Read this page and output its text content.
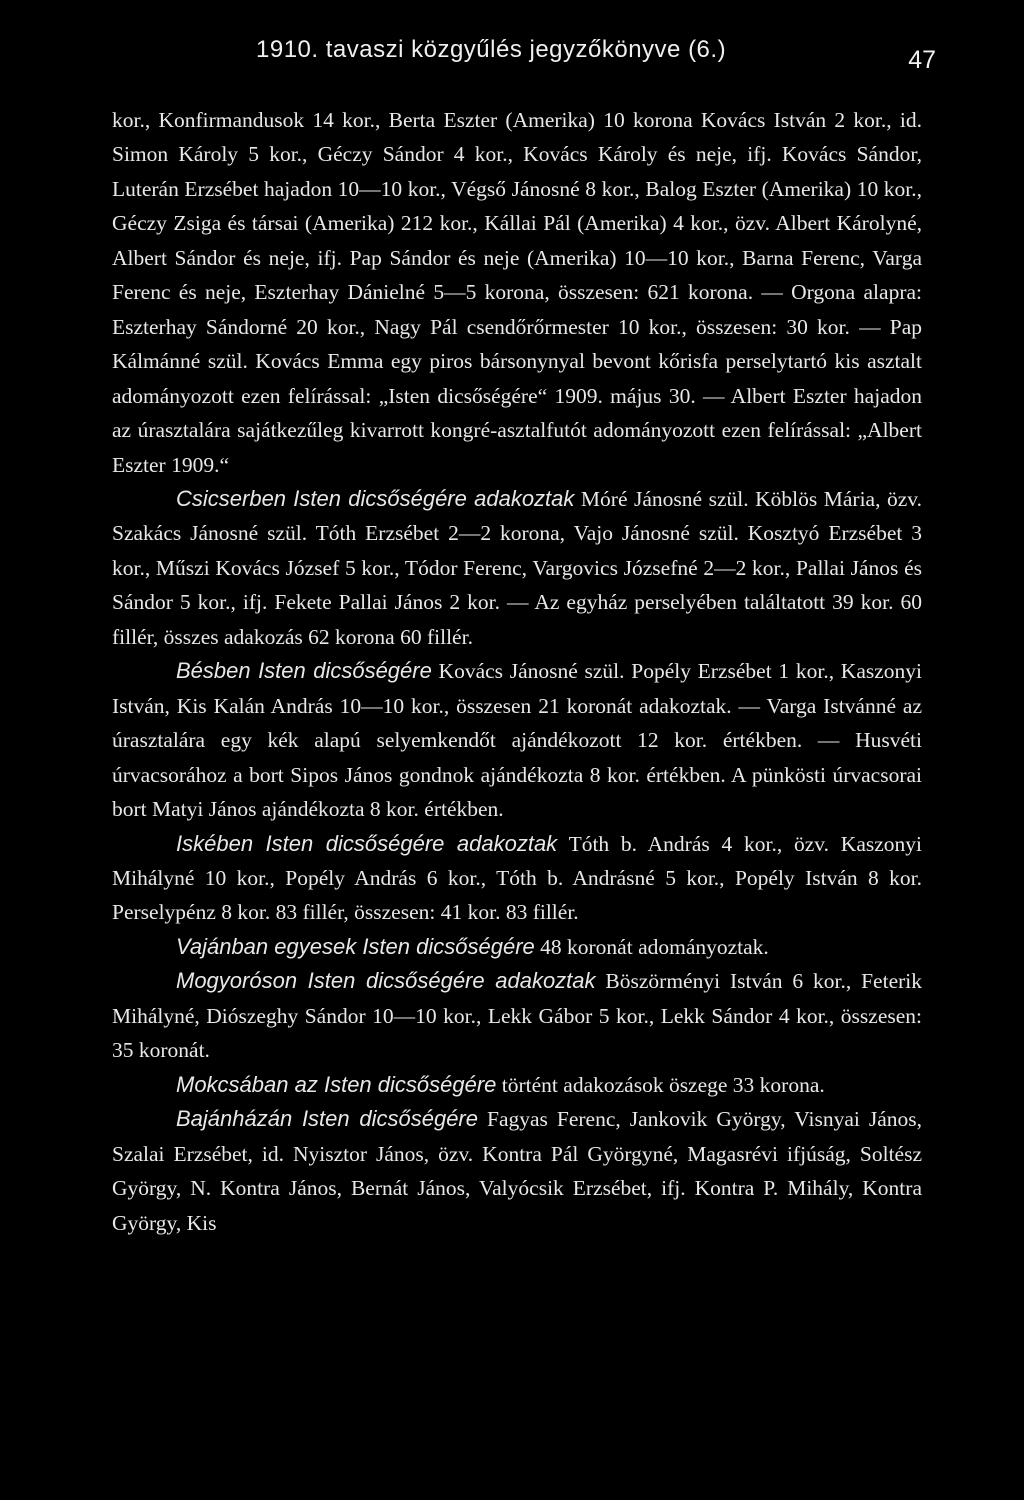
1910. tavaszi közgyűlés jegyzőkönyve (6.)	47

kor., Konfirmandusok 14 kor., Berta Eszter (Amerika) 10 korona Kovács István 2 kor., id. Simon Károly 5 kor., Géczy Sándor 4 kor., Kovács Károly és neje, ifj. Kovács Sándor, Luterán Erzsébet hajadon 10—10 kor., Végső Jánosné 8 kor., Balog Eszter (Amerika) 10 kor., Géczy Zsiga és társai (Amerika) 212 kor., Kállai Pál (Amerika) 4 kor., özv. Albert Károlyné, Albert Sándor és neje, ifj. Pap Sándor és neje (Amerika) 10—10 kor., Barna Ferenc, Varga Ferenc és neje, Eszterhay Dánielné 5—5 korona, összesen: 621 korona. — Orgona alapra: Eszterhay Sándorné 20 kor., Nagy Pál csendőrőrmester 10 kor., összesen: 30 kor. — Pap Kálmánné szül. Kovács Emma egy piros bársonynyal bevont kőrisfa perselytartó kis asztalt adományozott ezen felírással: „Isten dicsőségére“ 1909. május 30. — Albert Eszter hajadon az úrasztalára sajátkezűleg kivarrott kongré-asztalfutót adományozott ezen felírással: „Albert Eszter 1909.“

Csicserben Isten dicsőségére adakoztak Móré Jánosné szül. Köblös Mária, özv. Szakács Jánosné szül. Tóth Erzsébet 2—2 korona, Vajo Jánosné szül. Kosztyó Erzsébet 3 kor., Műszi Kovács József 5 kor., Tódor Ferenc, Vargovics Józsefné 2—2 kor., Pallai János és Sándor 5 kor., ifj. Fekete Pallai János 2 kor. — Az egyház perselyében találtatott 39 kor. 60 fillér, összes adakozás 62 korona 60 fillér.

Bésben Isten dicsőségére Kovács Jánosné szül. Popély Erzsébet 1 kor., Kaszonyi István, Kis Kalán András 10—10 kor., összesen 21 koronát adakoztak. — Varga Istvánné az úrasztalára egy kék alapú selyemkendőt ajándékozott 12 kor. értékben. — Husvéti úrvacsorához a bort Sipos János gondnok ajándékozta 8 kor. értékben. A pünkösti úrvacsorai bort Matyi János ajándékozta 8 kor. értékben.

Iskében Isten dicsőségére adakoztak Tóth b. András 4 kor., özv. Kaszonyi Mihályné 10 kor., Popély András 6 kor., Tóth b. Andrásné 5 kor., Popély István 8 kor. Perselypénz 8 kor. 83 fillér, összesen: 41 kor. 83 fillér.

Vajánban egyesek Isten dicsőségére 48 koronát adományoztak.

Mogyoróson Isten dicsőségére adakoztak Böszörményi István 6 kor., Feterik Mihályné, Diószeghy Sándor 10—10 kor., Lekk Gábor 5 kor., Lekk Sándor 4 kor., összesen: 35 koronát.

Mokcsában az Isten dicsőségére történt adakozások öszege 33 korona.

Bajánházán Isten dicsőségére Fagyas Ferenc, Jankovik György, Visnyai János, Szalai Erzsébet, id. Nyisztor János, özv. Kontra Pál Györgyné, Magasrévi ifjúság, Soltész György, N. Kontra János, Bernát János, Valyócsik Erzsébet, ifj. Kontra P. Mihály, Kontra György, Kis
